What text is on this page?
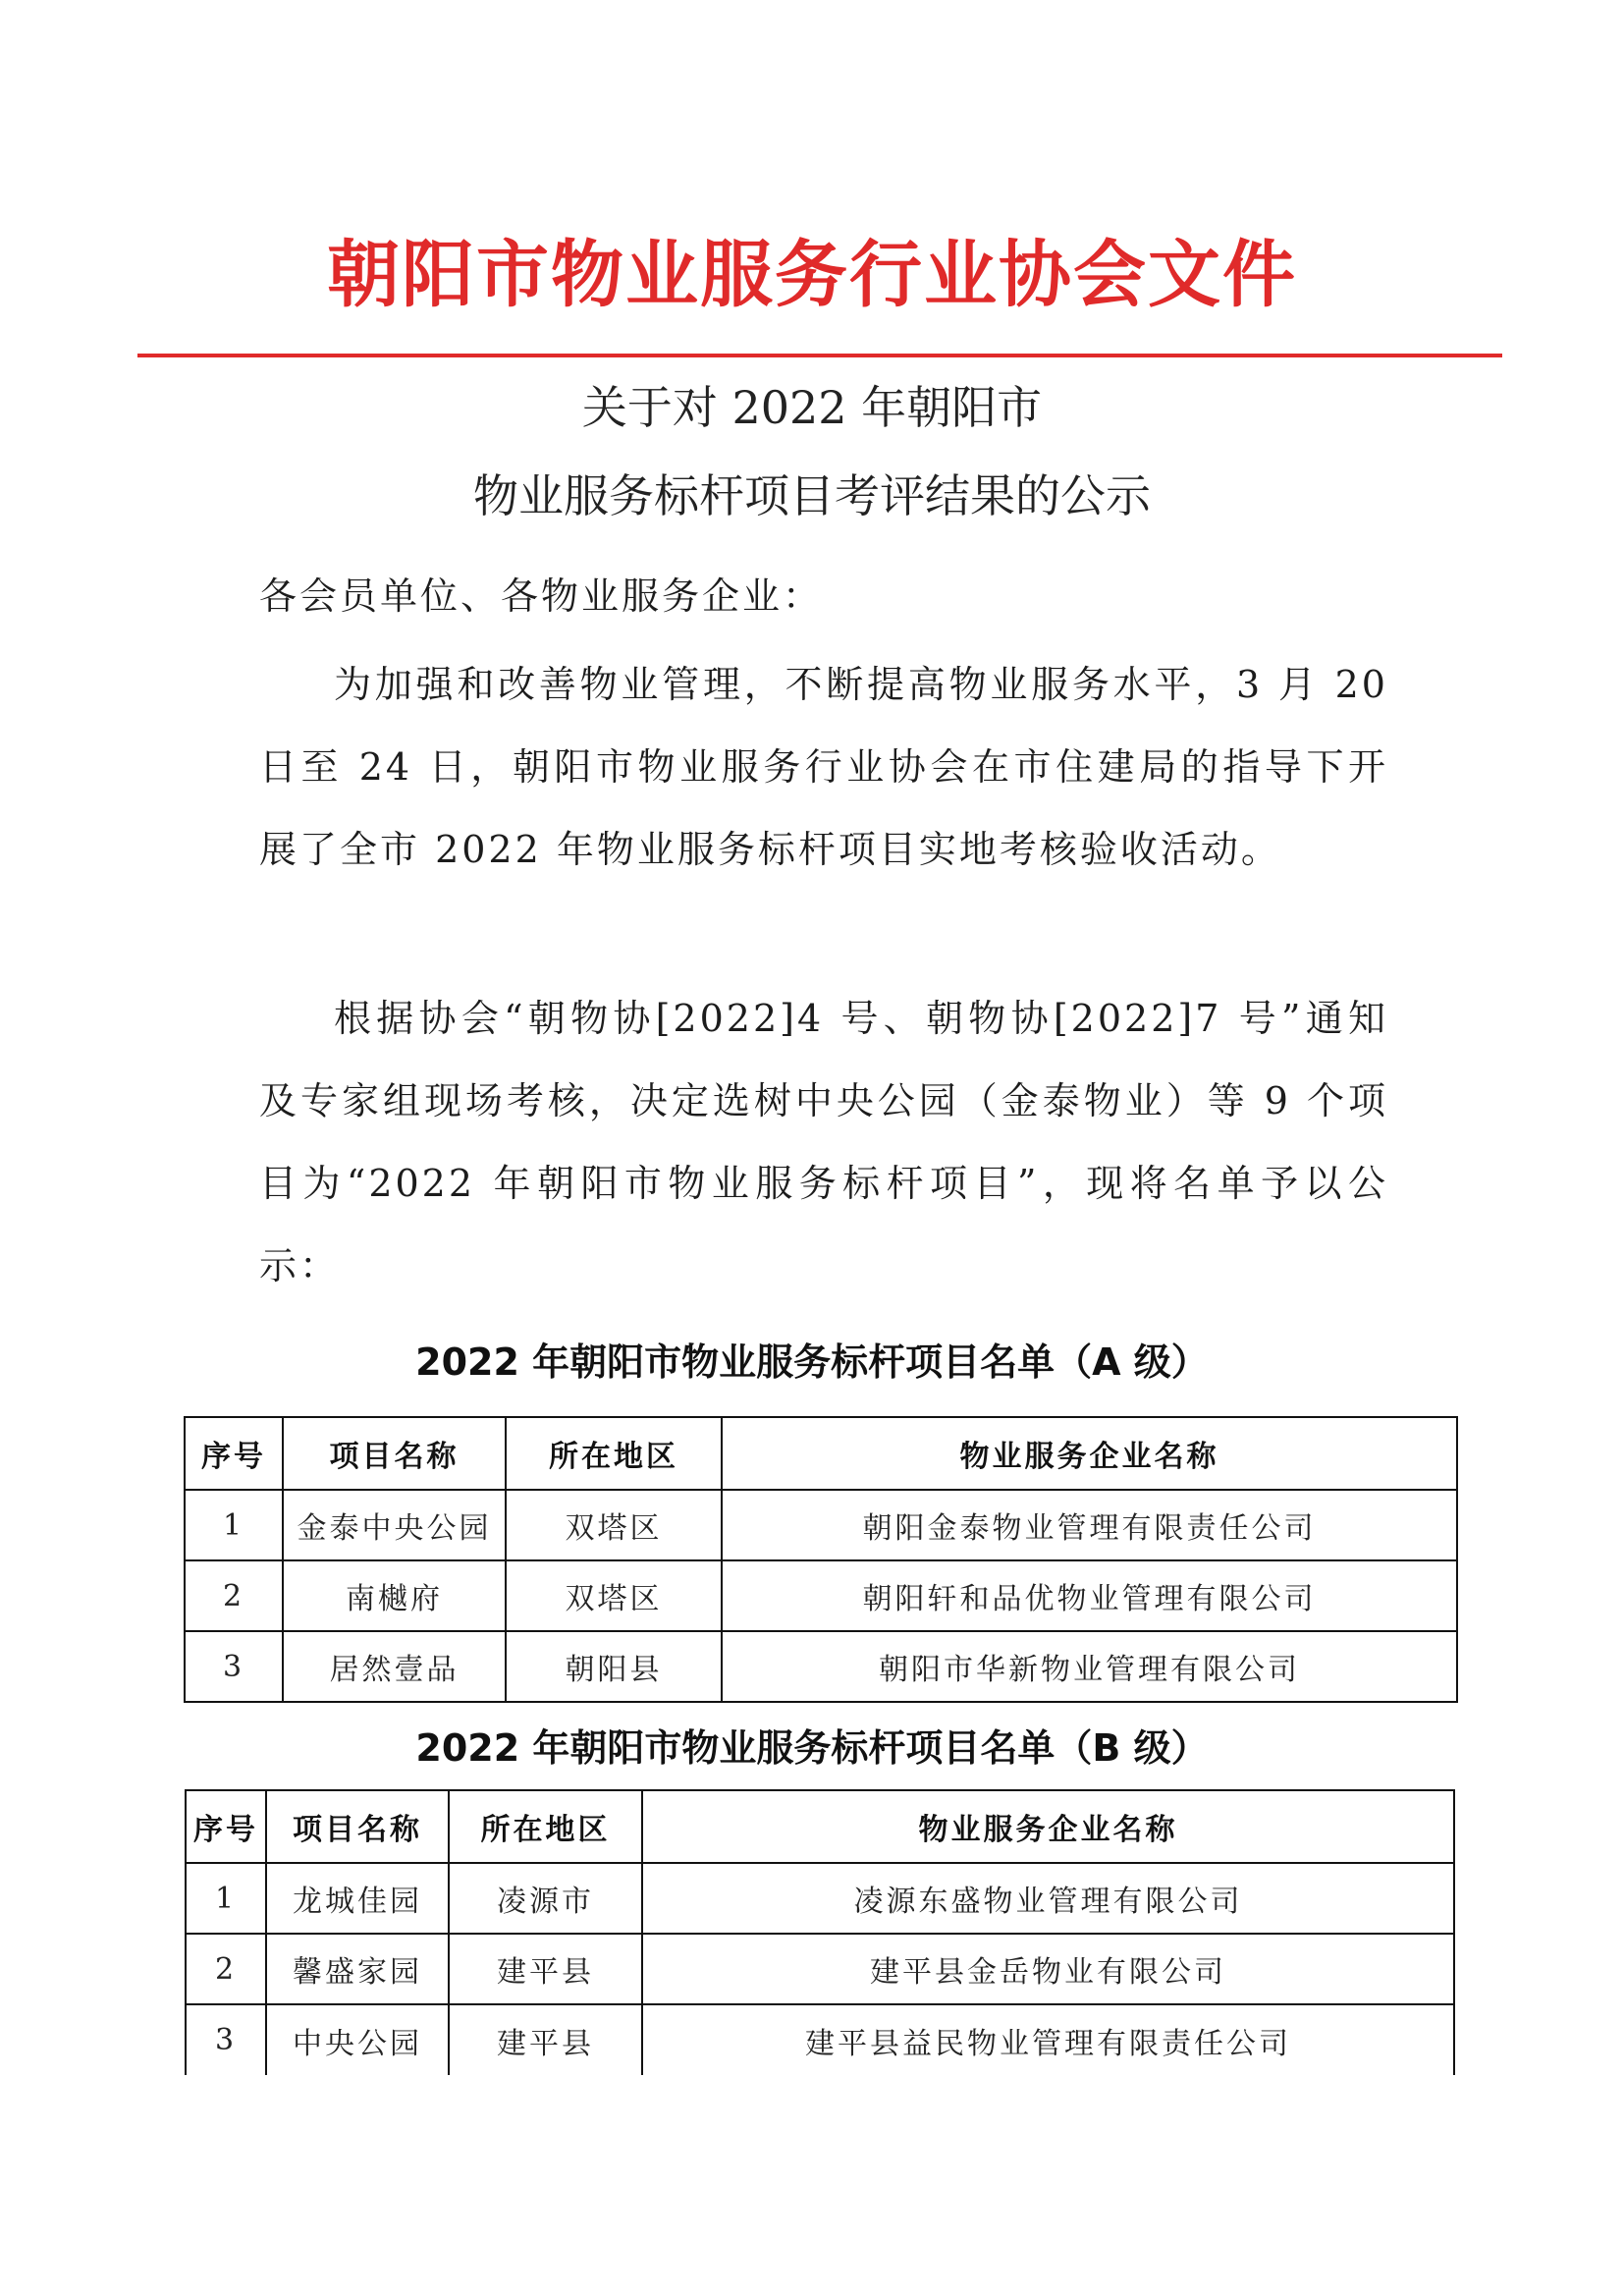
朝阳市物业服务行业协会文件
关于对 2022 年朝阳市
物业服务标杆项目考评结果的公示
各会员单位、各物业服务企业：
为加强和改善物业管理，不断提高物业服务水平，3 月 20 日至 24 日，朝阳市物业服务行业协会在市住建局的指导下开展了全市 2022 年物业服务标杆项目实地考核验收活动。
根据协会“朝物协[2022]4 号、朝物协[2022]7 号”通知及专家组现场考核，决定选树中央公园（金泰物业）等 9 个项目为“2022 年朝阳市物业服务标杆项目”，现将名单予以公示：
2022 年朝阳市物业服务标杆项目名单（A 级）
序号	项目名称	所在地区	物业服务企业名称
1	金泰中央公园	双塔区	朝阳金泰物业管理有限责任公司
2	南樾府	双塔区	朝阳轩和品优物业管理有限公司
3	居然壹品	朝阳县	朝阳市华新物业管理有限公司
2022 年朝阳市物业服务标杆项目名单（B 级）
序号	项目名称	所在地区	物业服务企业名称
1	龙城佳园	凌源市	凌源东盛物业管理有限公司
2	馨盛家园	建平县	建平县金岳物业有限公司
3	中央公园	建平县	建平县益民物业管理有限责任公司
